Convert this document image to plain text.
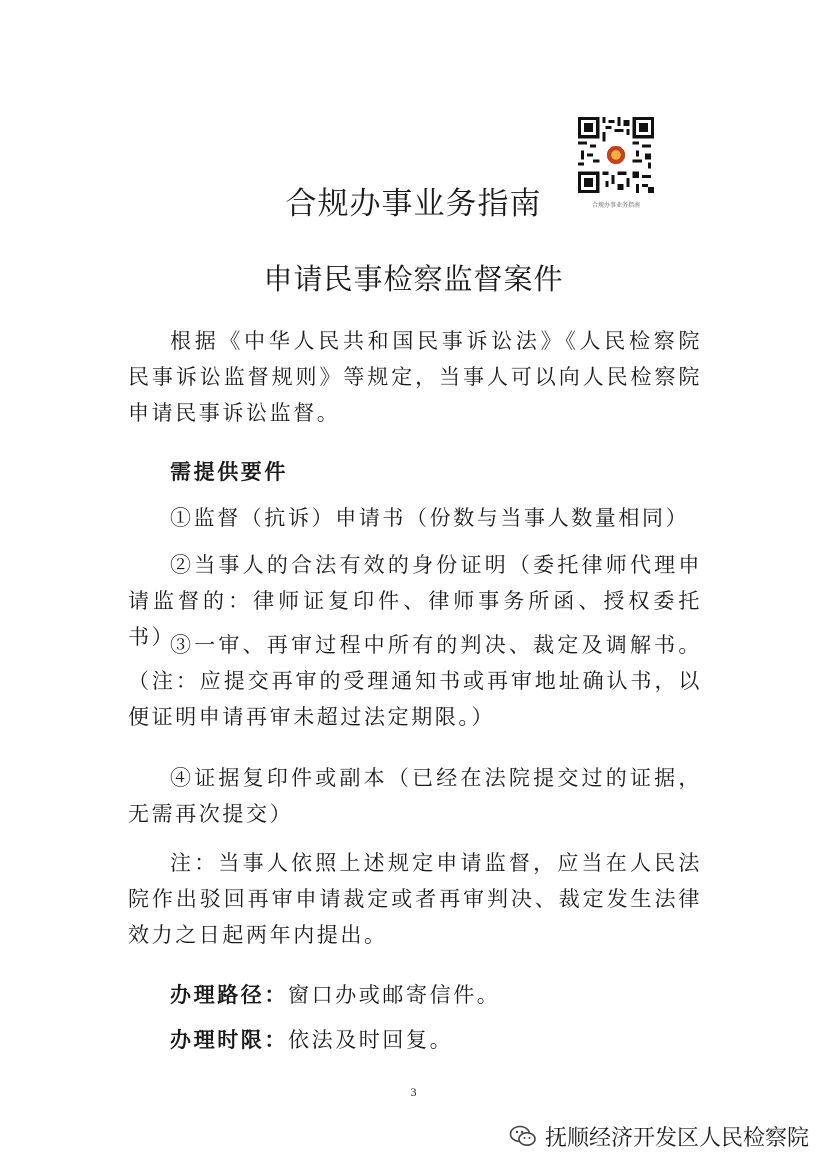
合规办事业务指南
合规办事业务指南
申请民事检察监督案件

根据《中华人民共和国民事诉讼法》《人民检察院民事诉讼监督规则》等规定，当事人可以向人民检察院申请民事诉讼监督。

需提供要件

①监督（抗诉）申请书（份数与当事人数量相同）

②当事人的合法有效的身份证明（委托律师代理申请监督的：律师证复印件、律师事务所函、授权委托书）

③一审、再审过程中所有的判决、裁定及调解书。（注：应提交再审的受理通知书或再审地址确认书，以便证明申请再审未超过法定期限。）

④证据复印件或副本（已经在法院提交过的证据，无需再次提交）

注：当事人依照上述规定申请监督，应当在人民法院作出驳回再审申请裁定或者再审判决、裁定发生法律效力之日起两年内提出。

办理路径：窗口办或邮寄信件。

办理时限：依法及时回复。

3
抚顺经济开发区人民检察院
